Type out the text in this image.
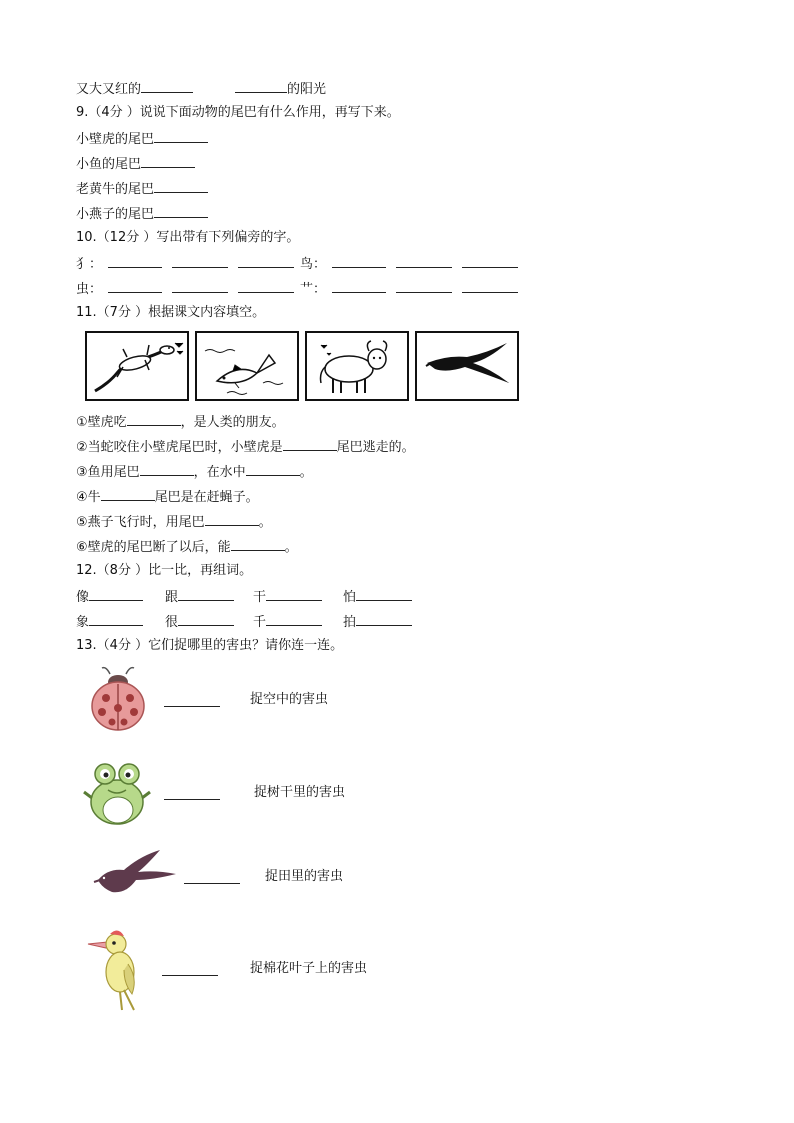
又大又红的	的阳光
9.（4分 ）说说下面动物的尾巴有什么作用，再写下来。
小壁虎的尾巴
小鱼的尾巴
老黄牛的尾巴
小燕子的尾巴
10.（12分 ）写出带有下列偏旁的字。
犭：	鸟：
虫：	艹：
11.（7分 ）根据课文内容填空。
①壁虎吃	，是人类的朋友。
②当蛇咬住小壁虎尾巴时，小壁虎是	尾巴逃走的。
③鱼用尾巴	，在水中	。
④牛	尾巴是在赶蝇子。
⑤燕子飞行时，用尾巴	。
⑥壁虎的尾巴断了以后，能	。
12.（8分 ）比一比，再组词。
像	跟	干	怕
象	很	千	拍
13.（4分 ）它们捉哪里的害虫？请你连一连。
捉空中的害虫
捉树干里的害虫
捉田里的害虫
捉棉花叶子上的害虫
